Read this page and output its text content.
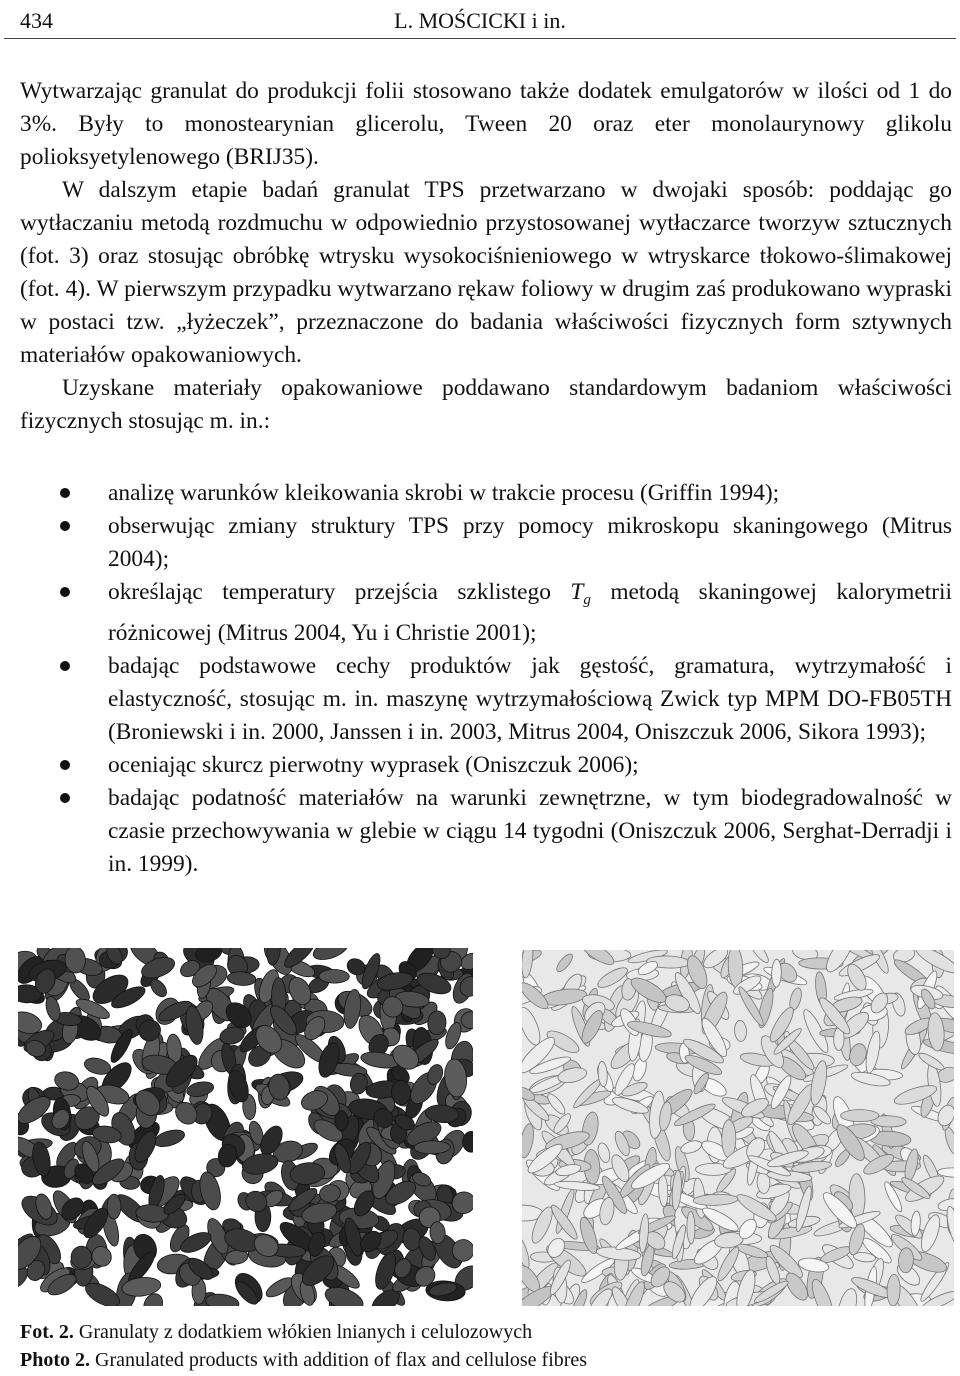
434	L. MOŚCICKI i in.

Wytwarzając granulat do produkcji folii stosowano także dodatek emulgatorów w ilości od 1 do 3%. Były to monostearynian glicerolu, Tween 20 oraz eter monolaurynowy glikolu polioksyetylenowego (BRIJ35).

W dalszym etapie badań granulat TPS przetwarzano w dwojaki sposób: poddając go wytłaczaniu metodą rozdmuchu w odpowiednio przystosowanej wytłaczarce tworzyw sztucznych (fot. 3) oraz stosując obróbkę wtrysku wysokociśnieniowego w wtryskarce tłokowo-ślimakowej (fot. 4). W pierwszym przypadku wytwarzano rękaw foliowy w drugim zaś produkowano wypraski w postaci tzw. „łyżeczek”, przeznaczone do badania właściwości fizycznych form sztywnych materiałów opakowaniowych.

Uzyskane materiały opakowaniowe poddawano standardowym badaniom właściwości fizycznych stosując m. in.:

analizę warunków kleikowania skrobi w trakcie procesu (Griffin 1994);
obserwując zmiany struktury TPS przy pomocy mikroskopu skaningowego (Mitrus 2004);
określając temperatury przejścia szklistego $T_g$ metodą skaningowej kalorymetrii różnicowej (Mitrus 2004, Yu i Christie 2001);
badając podstawowe cechy produktów jak gęstość, gramatura, wytrzymałość i elastyczność, stosując m. in. maszynę wytrzymałościową Zwick typ MPM DO-FB05TH (Broniewski i in. 2000, Janssen i in. 2003, Mitrus 2004, Oniszczuk 2006, Sikora 1993);
oceniając skurcz pierwotny wyprasek (Oniszczuk 2006);
badając podatność materiałów na warunki zewnętrzne, w tym biodegradowalność w czasie przechowywania w glebie w ciągu 14 tygodni (Oniszczuk 2006, Serghat-Derradji i in. 1999).
Fot. 2. Granulaty z dodatkiem włókien lnianych i celulozowych
Photo 2. Granulated products with addition of flax and cellulose fibres
